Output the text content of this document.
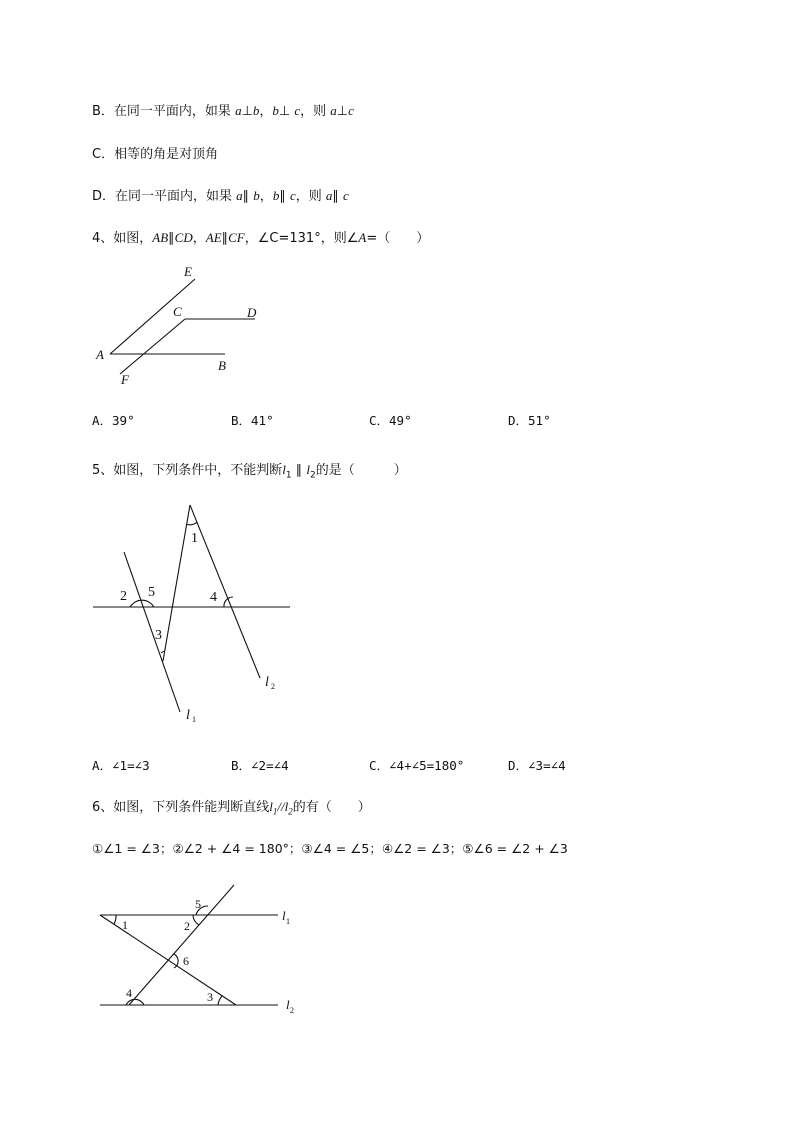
B．在同一平面内，如果 a⊥b，b⊥ c，则 a⊥c
C．相等的角是对顶角
D．在同一平面内，如果 a∥ b，b∥ c，则 a∥ c
4、如图，AB∥CD，AE∥CF，∠C=131°，则∠A=（　　）
E
C	D
A
B
F
A．39°	B．41°	C．49°	D．51°
5、如图，下列条件中，不能判断$l_1$ ∥ $l_2$的是（　　　）
1
2 5	4
3
l 2
l 1
A．∠1=∠3	B．∠2=∠4	C．∠4+∠5=180°	D．∠3=∠4
6、如图，下列条件能判断直线$l_1//l_2$的有（　　）
①∠1 = ∠3；②∠2 + ∠4 = 180°；③∠4 = ∠5；④∠2 = ∠3；⑤∠6 = ∠2 + ∠3
1	2
5
6
3
4
l 1
l 2
